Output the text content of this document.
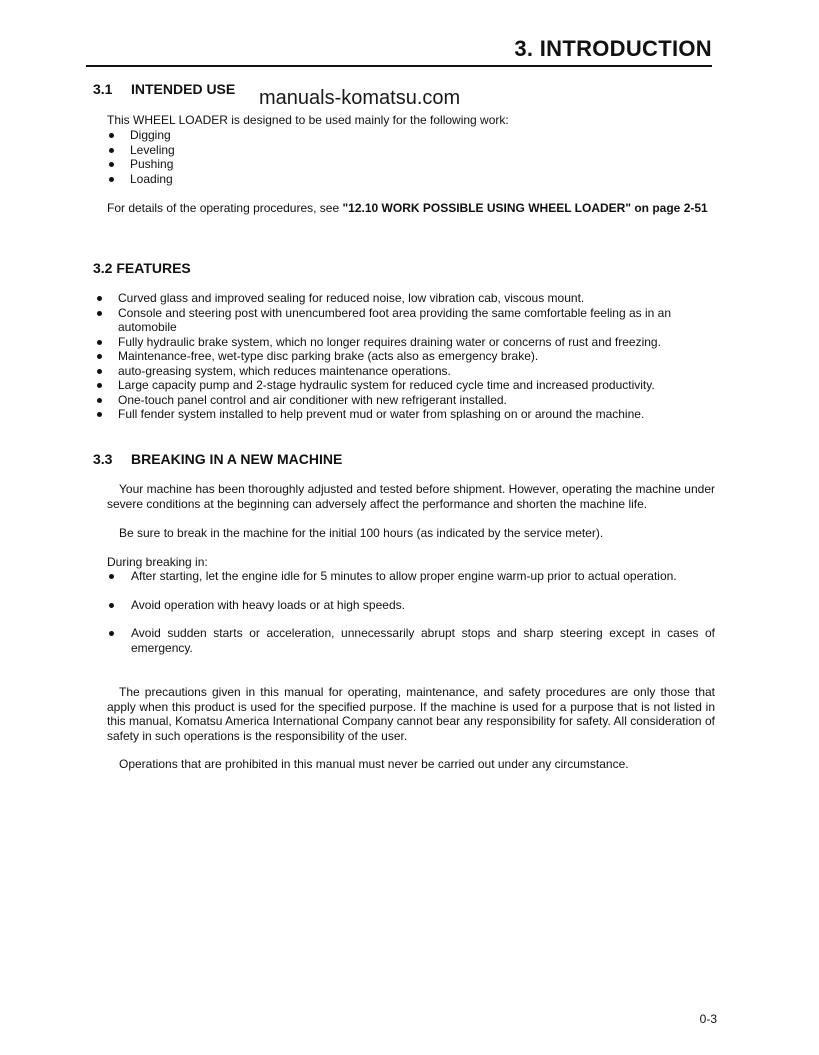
3. INTRODUCTION
manuals-komatsu.com
3.1 INTENDED USE
This WHEEL LOADER is designed to be used mainly for the following work:
Digging
Leveling
Pushing
Loading
For details of the operating procedures, see "12.10 WORK POSSIBLE USING WHEEL LOADER" on page 2-51
3.2 FEATURES
Curved glass and improved sealing for reduced noise, low vibration cab, viscous mount.
Console and steering post with unencumbered foot area providing the same comfortable feeling as in an automobile
Fully hydraulic brake system, which no longer requires draining water or concerns of rust and freezing.
Maintenance-free, wet-type disc parking brake (acts also as emergency brake).
auto-greasing system, which reduces maintenance operations.
Large capacity pump and 2-stage hydraulic system for reduced cycle time and increased productivity.
One-touch panel control and air conditioner with new refrigerant installed.
Full fender system installed to help prevent mud or water from splashing on or around the machine.
3.3 BREAKING IN A NEW MACHINE

Your machine has been thoroughly adjusted and tested before shipment. However, operating the machine under severe conditions at the beginning can adversely affect the performance and shorten the machine life.

Be sure to break in the machine for the initial 100 hours (as indicated by the service meter).

During breaking in:

After starting, let the engine idle for 5 minutes to allow proper engine warm-up prior to actual operation.
Avoid operation with heavy loads or at high speeds.
Avoid sudden starts or acceleration, unnecessarily abrupt stops and sharp steering except in cases of emergency.

The precautions given in this manual for operating, maintenance, and safety procedures are only those that apply when this product is used for the specified purpose. If the machine is used for a purpose that is not listed in this manual, Komatsu America International Company cannot bear any responsibility for safety. All consideration of safety in such operations is the responsibility of the user.

Operations that are prohibited in this manual must never be carried out under any circumstance.

0-3
